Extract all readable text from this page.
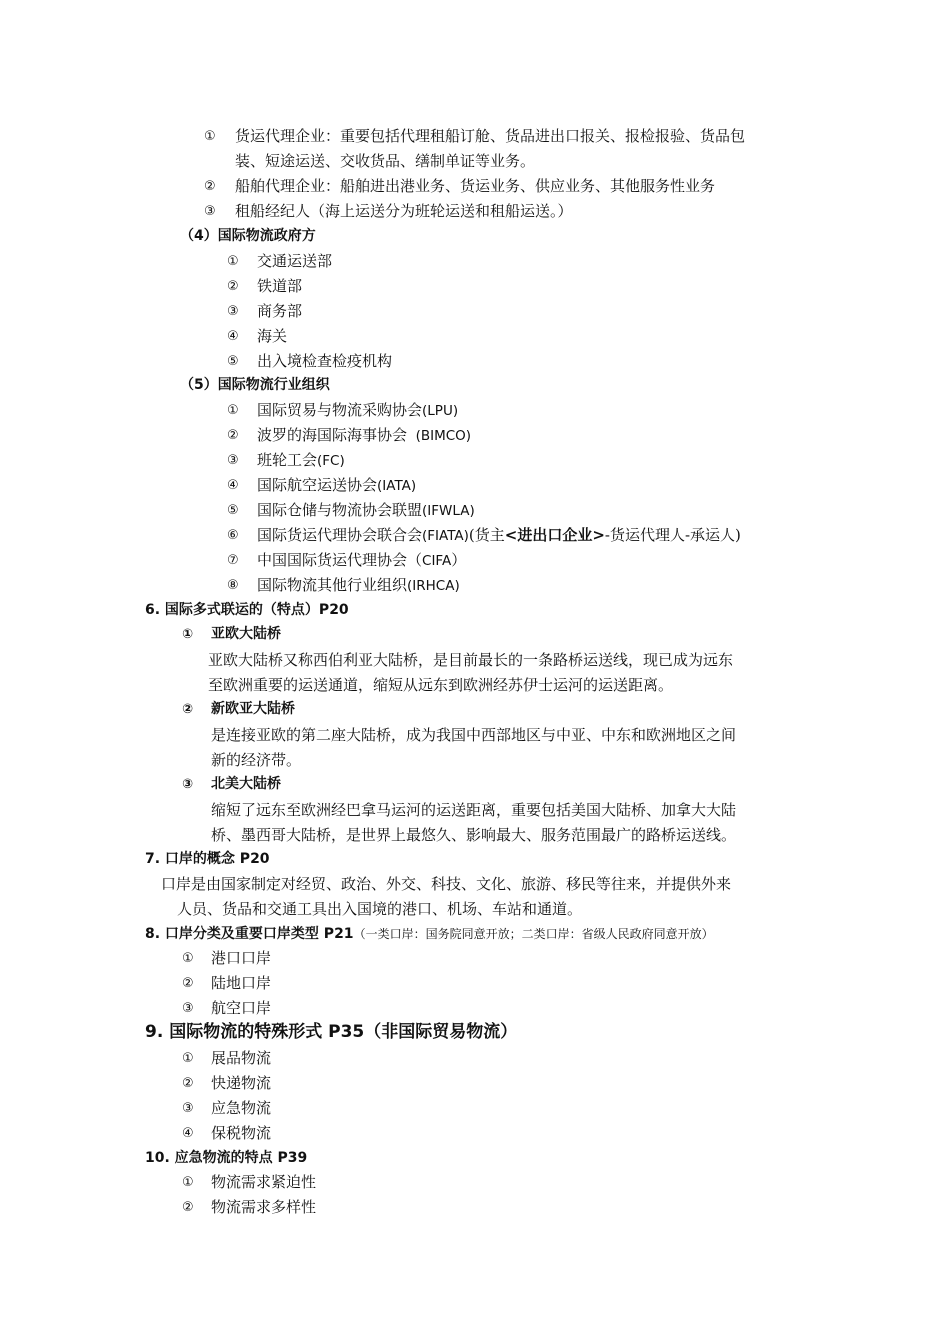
① 货运代理企业：重要包括代理租船订舱、货品进出口报关、报检报验、货品包
装、短途运送、交收货品、缮制单证等业务。
② 船舶代理企业：船舶进出港业务、货运业务、供应业务、其他服务性业务
③ 租船经纪人（海上运送分为班轮运送和租船运送。）
（4）国际物流政府方
① 交通运送部
② 铁道部
③ 商务部
④ 海关
⑤ 出入境检查检疫机构
（5）国际物流行业组织
① 国际贸易与物流采购协会(LPU)
② 波罗的海国际海事协会  (BIMCO)
③ 班轮工会(FC)
④ 国际航空运送协会(IATA)
⑤ 国际仓储与物流协会联盟(IFWLA)
⑥ 国际货运代理协会联合会(FIATA)(货主<进出口企业>-货运代理人-承运人)
⑦ 中国国际货运代理协会（CIFA）
⑧ 国际物流其他行业组织(IRHCA)
6. 国际多式联运的（特点）P20
① 亚欧大陆桥
亚欧大陆桥又称西伯利亚大陆桥，是目前最长的一条路桥运送线，现已成为远东
至欧洲重要的运送通道，缩短从远东到欧洲经苏伊士运河的运送距离。
② 新欧亚大陆桥
是连接亚欧的第二座大陆桥，成为我国中西部地区与中亚、中东和欧洲地区之间
新的经济带。
③ 北美大陆桥
缩短了远东至欧洲经巴拿马运河的运送距离，重要包括美国大陆桥、加拿大大陆
桥、墨西哥大陆桥，是世界上最悠久、影响最大、服务范围最广的路桥运送线。
7. 口岸的概念 P20
口岸是由国家制定对经贸、政治、外交、科技、文化、旅游、移民等往来，并提供外来
人员、货品和交通工具出入国境的港口、机场、车站和通道。
8. 口岸分类及重要口岸类型 P21（一类口岸：国务院同意开放；二类口岸：省级人民政府同意开放）
① 港口口岸
② 陆地口岸
③ 航空口岸
9. 国际物流的特殊形式 P35（非国际贸易物流）
① 展品物流
② 快递物流
③ 应急物流
④ 保税物流
10. 应急物流的特点 P39
① 物流需求紧迫性
② 物流需求多样性
